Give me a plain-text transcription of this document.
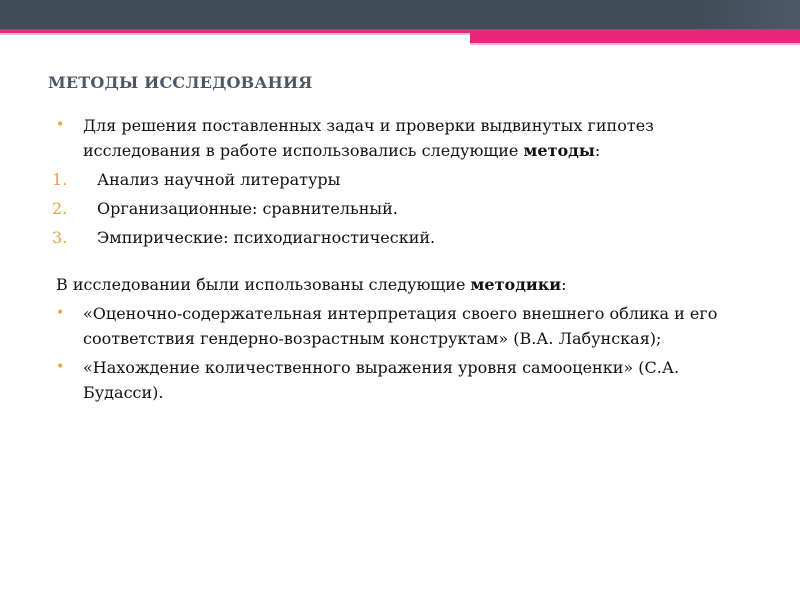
МЕТОДЫ ИССЛЕДОВАНИЯ
• Для решения поставленных задач и проверки выдвинутых гипотез исследования в работе использовались следующие методы:
1. Анализ научной литературы
2. Организационные: сравнительный.
3. Эмпирические: психодиагностический.
В исследовании были использованы следующие методики:
• «Оценочно-содержательная интерпретация своего внешнего облика и его соответствия гендерно-возрастным конструктам» (В.А. Лабунская);
• «Нахождение количественного выражения уровня самооценки» (С.А. Будасси).
